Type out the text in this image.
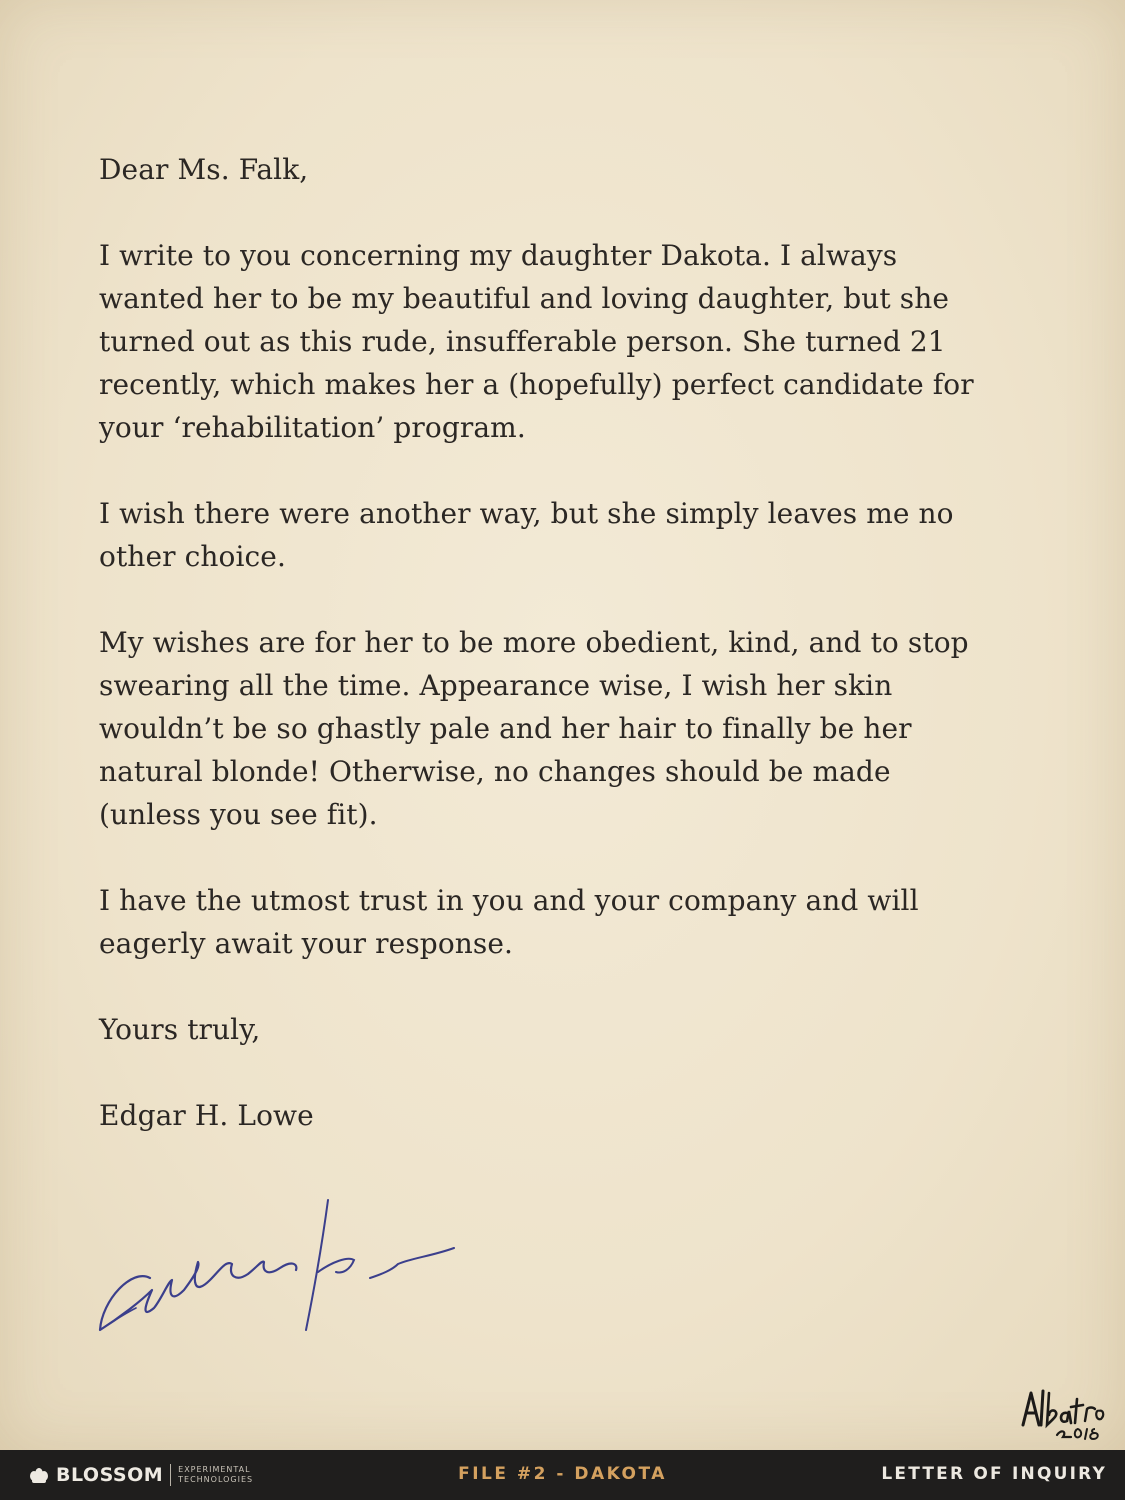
Dear Ms. Falk,

I write to you concerning my daughter Dakota. I always wanted her to be my beautiful and loving daughter, but she turned out as this rude, insufferable person. She turned 21 recently, which makes her a (hopefully) perfect candidate for your ‘rehabilitation’ program.

I wish there were another way, but she simply leaves me no other choice.

My wishes are for her to be more obedient, kind, and to stop swearing all the time. Appearance wise, I wish her skin wouldn’t be so ghastly pale and her hair to finally be her natural blonde! Otherwise, no changes should be made (unless you see fit).

I have the utmost trust in you and your company and will eagerly await your response.

Yours truly,

Edgar H. Lowe

BLOSSOM EXPERIMENTAL
TECHNOLOGIES	FILE #2 - DAKOTA	LETTER OF INQUIRY
